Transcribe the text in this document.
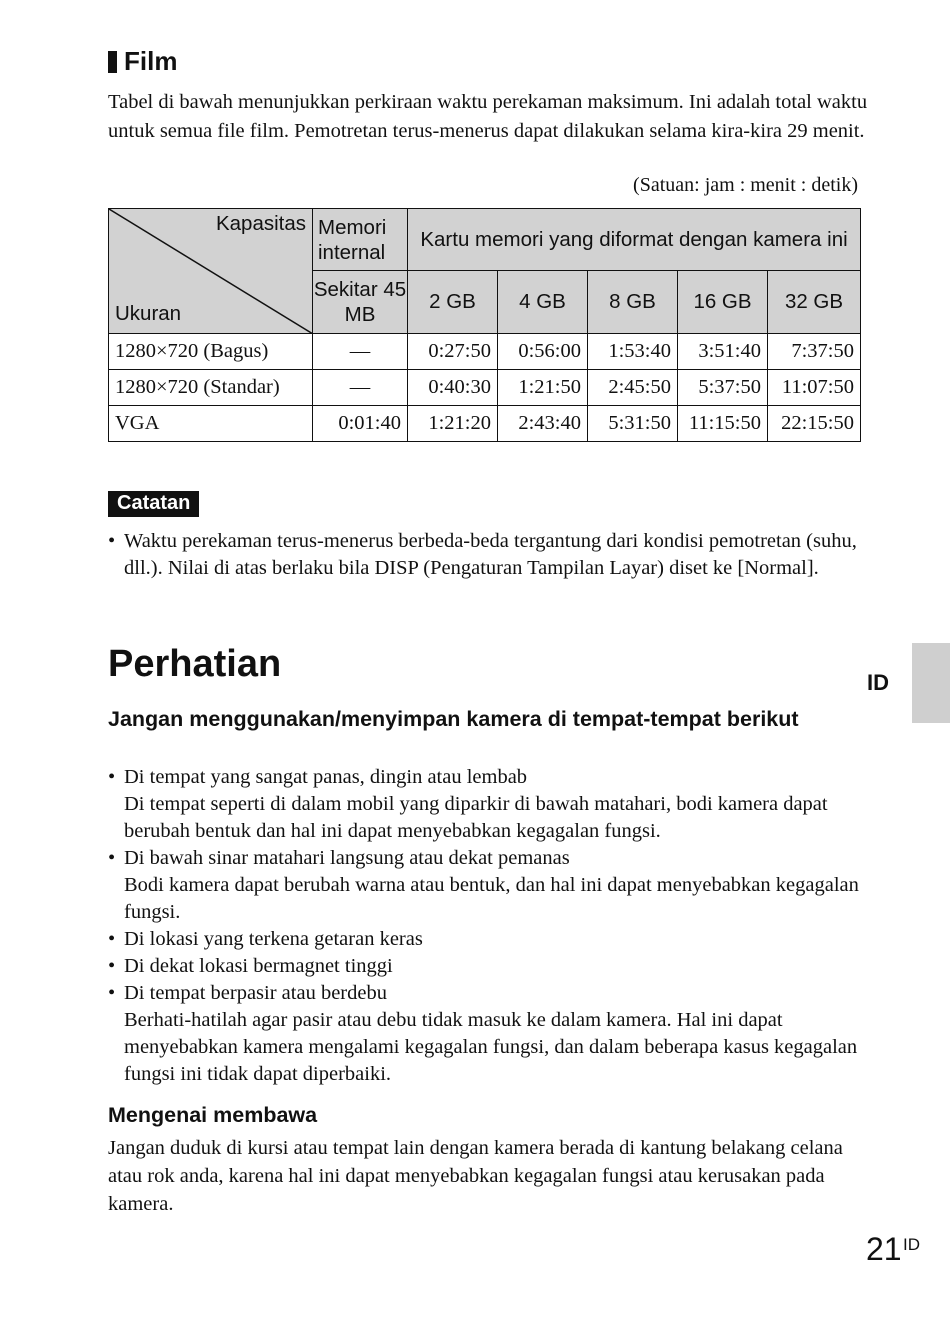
Film

Tabel di bawah menunjukkan perkiraan waktu perekaman maksimum. Ini adalah total waktu untuk semua file film. Pemotretan terus-menerus dapat dilakukan selama kira-kira 29 menit.

(Satuan: jam : menit : detik)
Kapasitas
Ukuran	Memori internal	Kartu memori yang diformat dengan kamera ini				
	Sekitar 45 MB	2 GB	4 GB	8 GB	16 GB	32 GB
1280×720 (Bagus)	—	0:27:50	0:56:00	1:53:40	3:51:40	7:37:50
1280×720 (Standar)	—	0:40:30	1:21:50	2:45:50	5:37:50	11:07:50
VGA	0:01:40	1:21:20	2:43:40	5:31:50	11:15:50	22:15:50
Catatan
• Waktu perekaman terus-menerus berbeda-beda tergantung dari kondisi pemotretan (suhu, dll.). Nilai di atas berlaku bila DISP (Pengaturan Tampilan Layar) diset ke [Normal].
Perhatian
Jangan menggunakan/menyimpan kamera di tempat-tempat berikut
• Di tempat yang sangat panas, dingin atau lembab
Di tempat seperti di dalam mobil yang diparkir di bawah matahari, bodi kamera dapat berubah bentuk dan hal ini dapat menyebabkan kegagalan fungsi.
• Di bawah sinar matahari langsung atau dekat pemanas
Bodi kamera dapat berubah warna atau bentuk, dan hal ini dapat menyebabkan kegagalan fungsi.
• Di lokasi yang terkena getaran keras
• Di dekat lokasi bermagnet tinggi
• Di tempat berpasir atau berdebu
Berhati-hatilah agar pasir atau debu tidak masuk ke dalam kamera. Hal ini dapat menyebabkan kamera mengalami kegagalan fungsi, dan dalam beberapa kasus kegagalan fungsi ini tidak dapat diperbaiki.
Mengenai membawa

Jangan duduk di kursi atau tempat lain dengan kamera berada di kantung belakang celana atau rok anda, karena hal ini dapat menyebabkan kegagalan fungsi atau kerusakan pada kamera.

ID
21 ID
